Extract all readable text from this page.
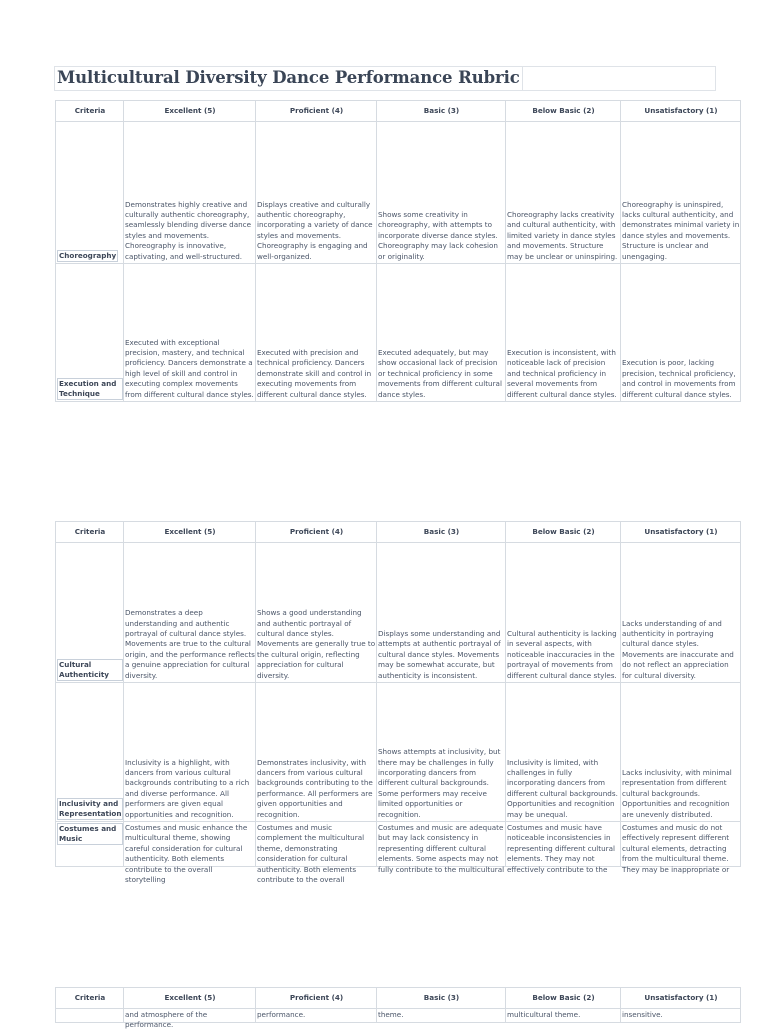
Multicultural Diversity Dance Performance Rubric
Criteria	Excellent (5)	Proficient (4)	Basic (3)	Below Basic (2)	Unsatisfactory (1)
Choreography	Demonstrates highly creative and culturally authentic choreography, seamlessly blending diverse dance styles and movements. Choreography is innovative, captivating, and well-structured.	Displays creative and culturally authentic choreography, incorporating a variety of dance styles and movements. Choreography is engaging and well-organized.	Shows some creativity in choreography, with attempts to incorporate diverse dance styles. Choreography may lack cohesion or originality.	Choreography lacks creativity and cultural authenticity, with limited variety in dance styles and movements. Structure may be unclear or uninspiring.	Choreography is uninspired, lacks cultural authenticity, and demonstrates minimal variety in dance styles and movements. Structure is unclear and unengaging.
Execution and Technique	Executed with exceptional precision, mastery, and technical proficiency. Dancers demonstrate a high level of skill and control in executing complex movements from different cultural dance styles.	Executed with precision and technical proficiency. Dancers demonstrate skill and control in executing movements from different cultural dance styles.	Executed adequately, but may show occasional lack of precision or technical proficiency in some movements from different cultural dance styles.	Execution is inconsistent, with noticeable lack of precision and technical proficiency in several movements from different cultural dance styles.	Execution is poor, lacking precision, technical proficiency, and control in movements from different cultural dance styles.
Criteria	Excellent (5)	Proficient (4)	Basic (3)	Below Basic (2)	Unsatisfactory (1)
Cultural Authenticity	Demonstrates a deep understanding and authentic portrayal of cultural dance styles. Movements are true to the cultural origin, and the performance reflects a genuine appreciation for cultural diversity.	Shows a good understanding and authentic portrayal of cultural dance styles. Movements are generally true to the cultural origin, reflecting appreciation for cultural diversity.	Displays some understanding and attempts at authentic portrayal of cultural dance styles. Movements may be somewhat accurate, but authenticity is inconsistent.	Cultural authenticity is lacking in several aspects, with noticeable inaccuracies in the portrayal of movements from different cultural dance styles.	Lacks understanding of and authenticity in portraying cultural dance styles. Movements are inaccurate and do not reflect an appreciation for cultural diversity.
Inclusivity and Representation	Inclusivity is a highlight, with dancers from various cultural backgrounds contributing to a rich and diverse performance. All performers are given equal opportunities and recognition.	Demonstrates inclusivity, with dancers from various cultural backgrounds contributing to the performance. All performers are given opportunities and recognition.	Shows attempts at inclusivity, but there may be challenges in fully incorporating dancers from different cultural backgrounds. Some performers may receive limited opportunities or recognition.	Inclusivity is limited, with challenges in fully incorporating dancers from different cultural backgrounds. Opportunities and recognition may be unequal.	Lacks inclusivity, with minimal representation from different cultural backgrounds. Opportunities and recognition are unevenly distributed.

Costumes and Music	Costumes and music enhance the multicultural theme, showing careful consideration for cultural authenticity. Both elements contribute to the overall storytelling	Costumes and music complement the multicultural theme, demonstrating consideration for cultural authenticity. Both elements contribute to the overall	Costumes and music are adequate but may lack consistency in representing different cultural elements. Some aspects may not fully contribute to the multicultural	Costumes and music have noticeable inconsistencies in representing different cultural elements. They may not effectively contribute to the	Costumes and music do not effectively represent different cultural elements, detracting from the multicultural theme. They may be inappropriate or
Criteria	Excellent (5)	Proficient (4)	Basic (3)	Below Basic (2)	Unsatisfactory (1)

	and atmosphere of the performance.	performance.	theme.	multicultural theme.	insensitive.
